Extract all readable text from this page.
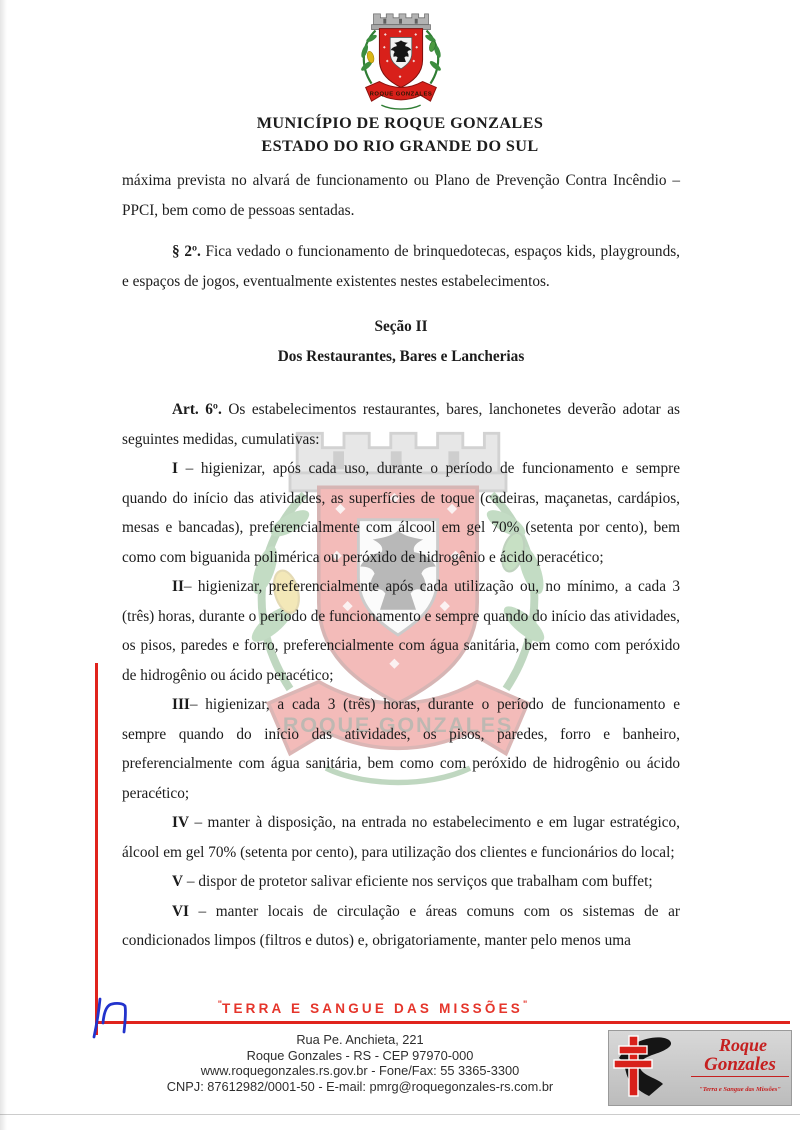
MUNICÍPIO DE ROQUE GONZALES
ESTADO DO RIO GRANDE DO SUL

máxima prevista no alvará de funcionamento ou Plano de Prevenção Contra Incêndio – PPCI, bem como de pessoas sentadas.

§ 2º. Fica vedado o funcionamento de brinquedotecas, espaços kids, playgrounds, e espaços de jogos, eventualmente existentes nestes estabelecimentos.

Seção II

Dos Restaurantes, Bares e Lancherias

Art. 6º. Os estabelecimentos restaurantes, bares, lanchonetes deverão adotar as seguintes medidas, cumulativas:

I – higienizar, após cada uso, durante o período de funcionamento e sempre quando do início das atividades, as superfícies de toque (cadeiras, maçanetas, cardápios, mesas e bancadas), preferencialmente com álcool em gel 70% (setenta por cento), bem como com biguanida polimérica ou peróxido de hidrogênio e ácido peracético;

II– higienizar, preferencialmente após cada utilização ou, no mínimo, a cada 3 (três) horas, durante o período de funcionamento e sempre quando do início das atividades, os pisos, paredes e forro, preferencialmente com água sanitária, bem como com peróxido de hidrogênio ou ácido peracético;

III– higienizar, a cada 3 (três) horas, durante o período de funcionamento e sempre quando do início das atividades, os pisos, paredes, forro e banheiro, preferencialmente com água sanitária, bem como com peróxido de hidrogênio ou ácido peracético;

IV – manter à disposição, na entrada no estabelecimento e em lugar estratégico, álcool em gel 70% (setenta por cento), para utilização dos clientes e funcionários do local;

V – dispor de protetor salivar eficiente nos serviços que trabalham com buffet;

VI – manter locais de circulação e áreas comuns com os sistemas de ar condicionados limpos (filtros e dutos) e, obrigatoriamente, manter pelo menos uma

"TERRA E SANGUE DAS MISSÕES"
Rua Pe. Anchieta, 221
Roque Gonzales - RS - CEP 97970-000
www.roquegonzales.rs.gov.br - Fone/Fax: 55 3365-3300
CNPJ: 87612982/0001-50 - E-mail: pmrg@roquegonzales-rs.com.br
Roque
Gonzales
"Terra e Sangue das Missões"
